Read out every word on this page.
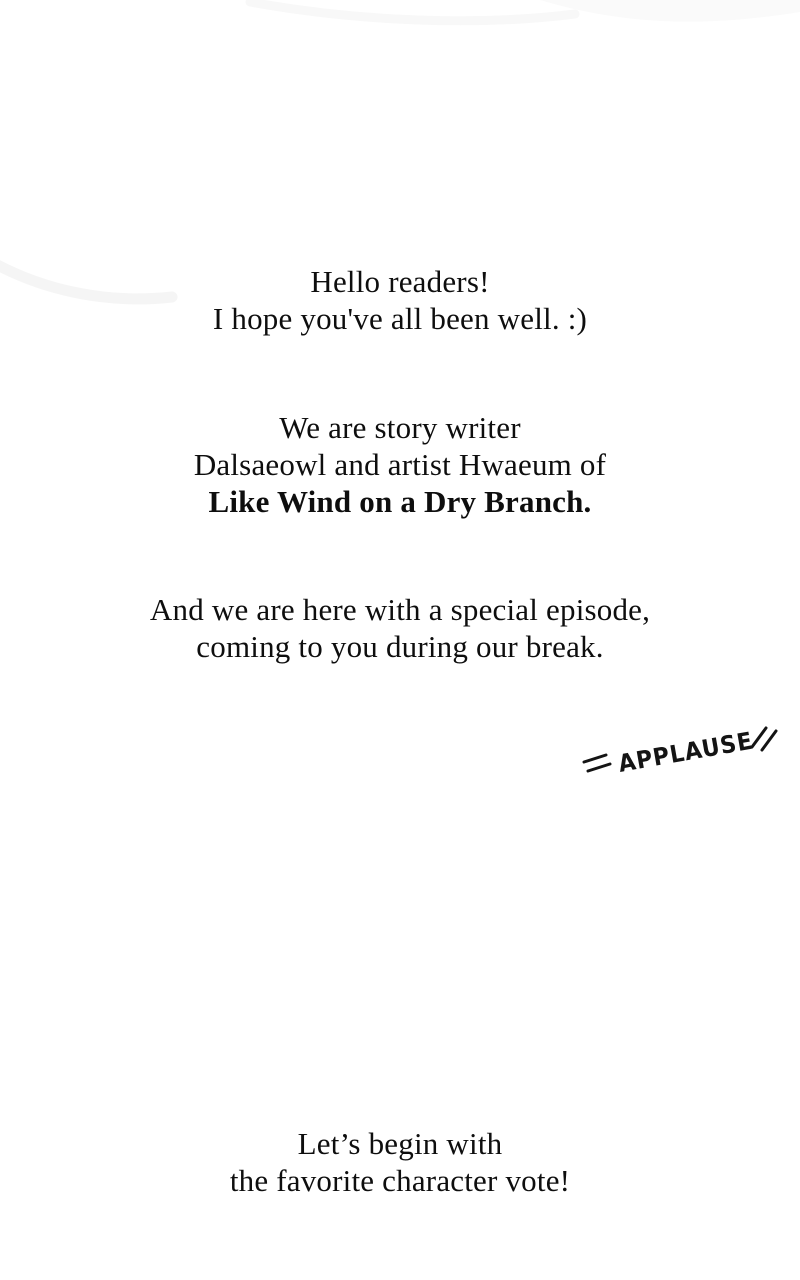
Hello readers!
I hope you've all been well. :)
We are story writer
Dalsaeowl and artist Hwaeum of
Like Wind on a Dry Branch.
And we are here with a special episode,
coming to you during our break.
APPLAUSE
Let’s begin with
the favorite character vote!
